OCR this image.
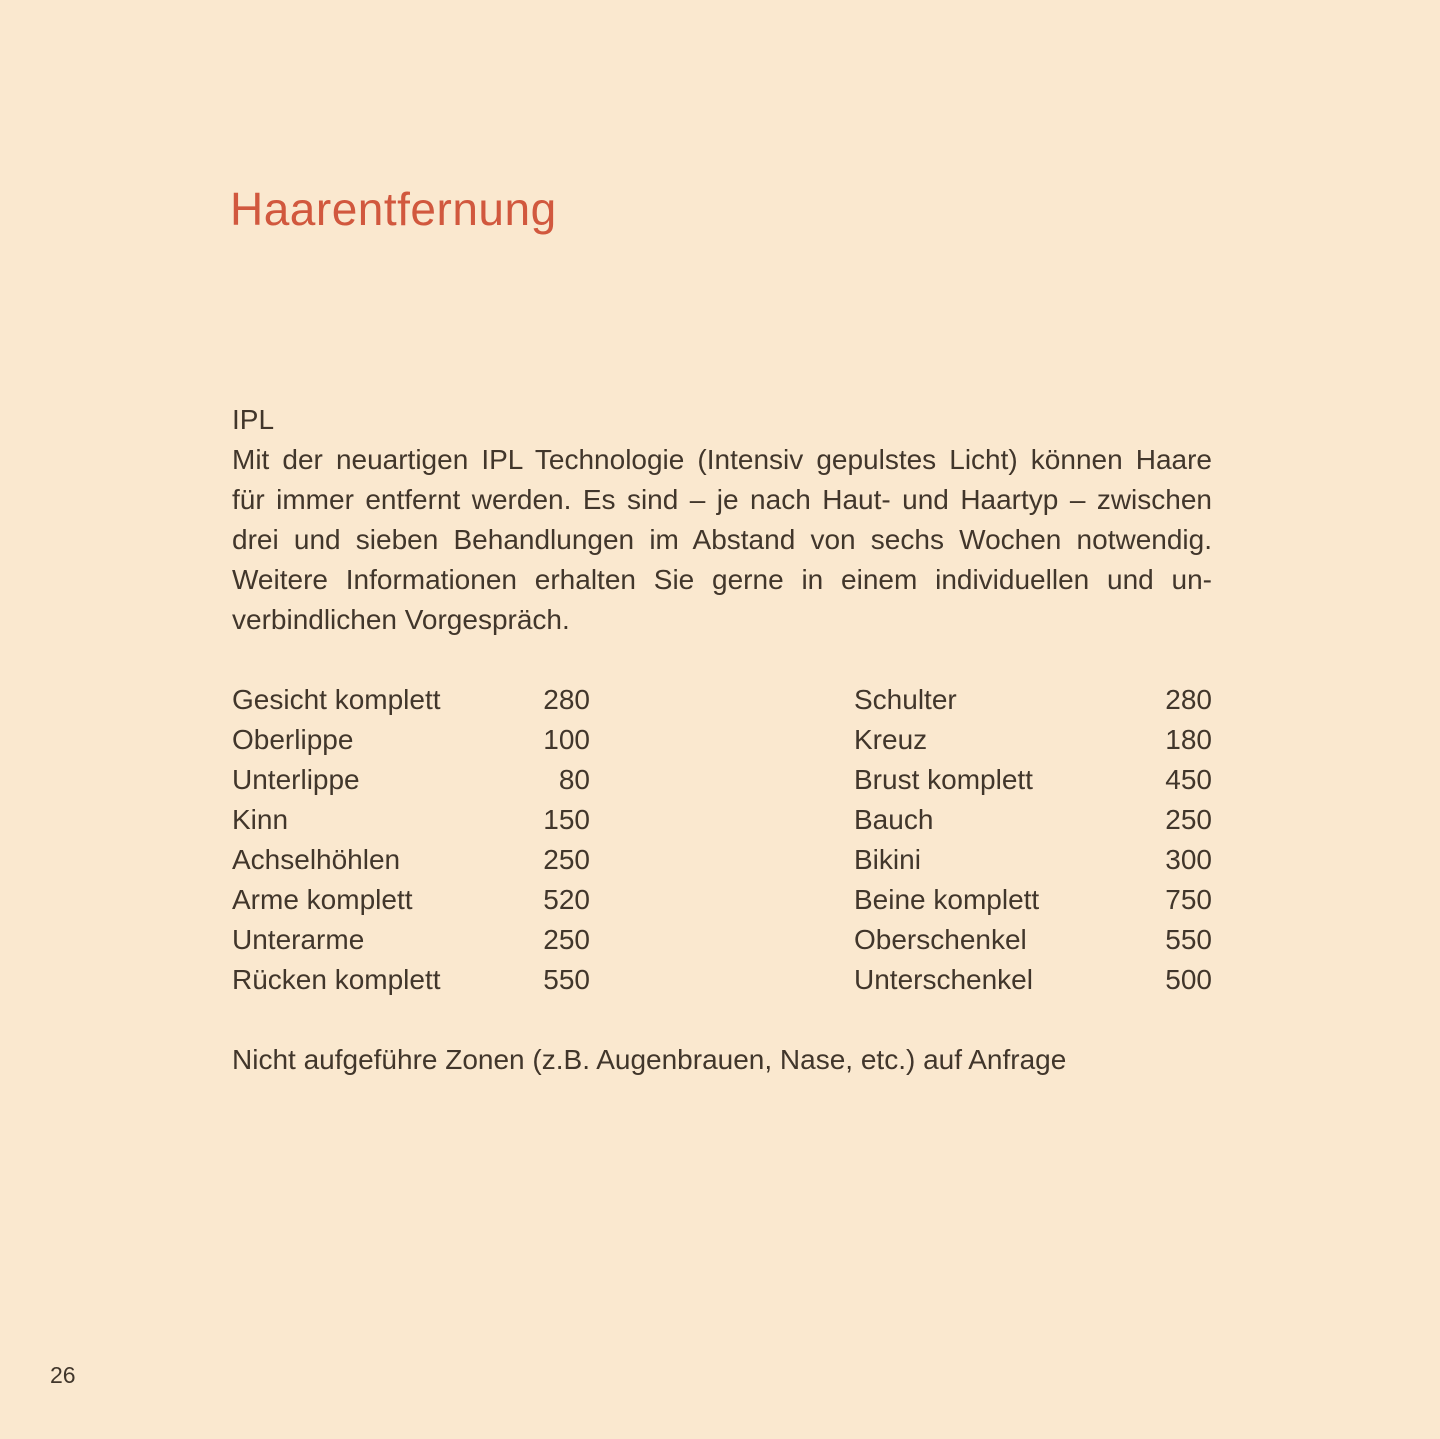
Haarentfernung
IPL
Mit der neuartigen IPL Technologie (Intensiv gepulstes Licht) können Haare
für immer entfernt werden. Es sind – je nach Haut- und Haartyp – zwischen
drei und sieben Behandlungen im Abstand von sechs Wochen notwendig.
Weitere Informationen erhalten Sie gerne in einem individuellen und un-
verbindlichen Vorgespräch.
Gesicht komplett	280
Oberlippe	100
Unterlippe	80
Kinn	150
Achselhöhlen	250
Arme komplett	520
Unterarme	250
Rücken komplett	550
Schulter	280
Kreuz	180
Brust komplett	450
Bauch	250
Bikini	300
Beine komplett	750
Oberschenkel	550
Unterschenkel	500
Nicht aufgeführe Zonen (z.B. Augenbrauen, Nase, etc.) auf Anfrage
26
